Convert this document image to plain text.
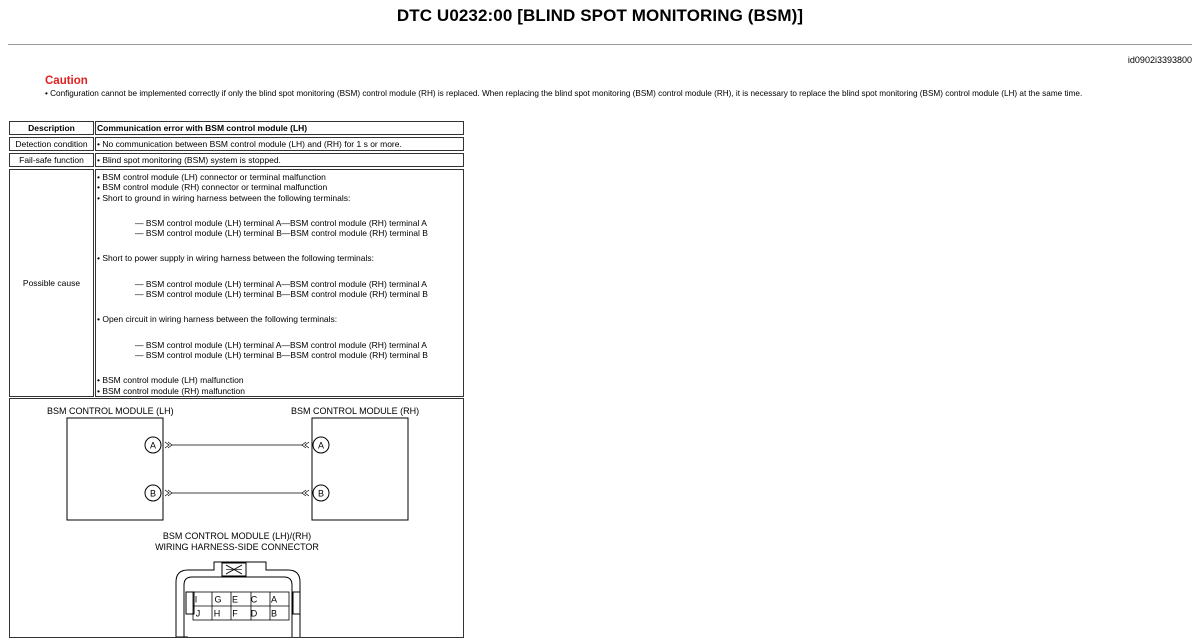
DTC U0232:00 [BLIND SPOT MONITORING (BSM)]
id0902i3393800
Caution
• Configuration cannot be implemented correctly if only the blind spot monitoring (BSM) control module (RH) is replaced. When replacing the blind spot monitoring (BSM) control module (RH), it is necessary to replace the blind spot monitoring (BSM) control module (LH) at the same time.
Description	Communication error with BSM control module (LH)
Detection condition	• No communication between BSM control module (LH) and (RH) for 1 s or more.
Fail-safe function	• Blind spot monitoring (BSM) system is stopped.
Possible cause
• BSM control module (LH) connector or terminal malfunction
• BSM control module (RH) connector or terminal malfunction
• Short to ground in wiring harness between the following terminals:
— BSM control module (LH) terminal A—BSM control module (RH) terminal A
— BSM control module (LH) terminal B—BSM control module (RH) terminal B
• Short to power supply in wiring harness between the following terminals:
— BSM control module (LH) terminal A—BSM control module (RH) terminal A
— BSM control module (LH) terminal B—BSM control module (RH) terminal B
• Open circuit in wiring harness between the following terminals:
— BSM control module (LH) terminal A—BSM control module (RH) terminal A
— BSM control module (LH) terminal B—BSM control module (RH) terminal B
• BSM control module (LH) malfunction
• BSM control module (RH) malfunction
BSM CONTROL MODULE (LH)	BSM CONTROL MODULE (RH)
A	A
B	B
BSM CONTROL MODULE (LH)/(RH)
WIRING HARNESS-SIDE CONNECTOR
I G E C A
J H F D B
